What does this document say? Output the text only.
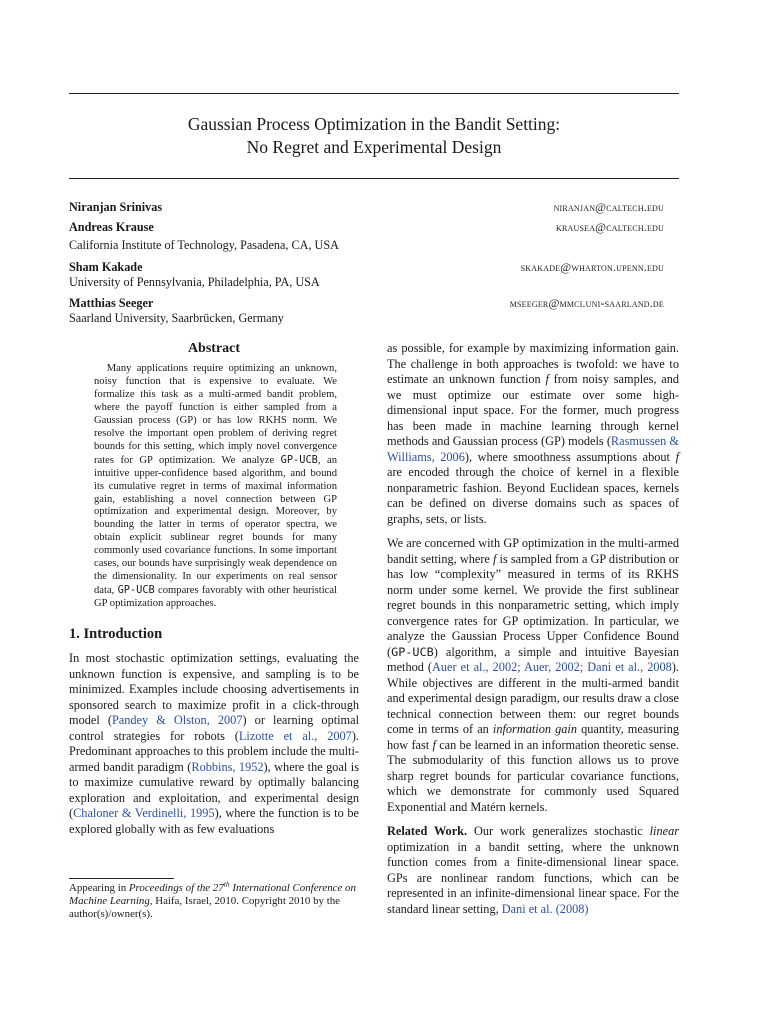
Gaussian Process Optimization in the Bandit Setting:
No Regret and Experimental Design
Niranjan Srinivas	niranjan@caltech.edu
Andreas Krause	krausea@caltech.edu
California Institute of Technology, Pasadena, CA, USA
Sham Kakade	skakade@wharton.upenn.edu
University of Pennsylvania, Philadelphia, PA, USA
Matthias Seeger	mseeger@mmci.uni-saarland.de
Saarland University, Saarbrücken, Germany
Abstract

Many applications require optimizing an unknown, noisy function that is expensive to evaluate. We formalize this task as a multi-armed bandit problem, where the payoff function is either sampled from a Gaussian process (GP) or has low RKHS norm. We resolve the important open problem of deriving regret bounds for this setting, which imply novel convergence rates for GP optimization. We analyze GP-UCB, an intuitive upper-confidence based algorithm, and bound its cumulative regret in terms of maximal information gain, establishing a novel connection between GP optimization and experimental design. Moreover, by bounding the latter in terms of operator spectra, we obtain explicit sublinear regret bounds for many commonly used covariance functions. In some important cases, our bounds have surprisingly weak dependence on the dimensionality. In our experiments on real sensor data, GP-UCB compares favorably with other heuristical GP optimization approaches.

1. Introduction

In most stochastic optimization settings, evaluating the unknown function is expensive, and sampling is to be minimized. Examples include choosing advertisements in sponsored search to maximize profit in a click-through model (Pandey & Olston, 2007) or learning optimal control strategies for robots (Lizotte et al., 2007). Predominant approaches to this problem include the multi-armed bandit paradigm (Robbins, 1952), where the goal is to maximize cumulative reward by optimally balancing exploration and exploitation, and experimental design (Chaloner & Verdinelli, 1995), where the function is to be explored globally with as few evaluations

as possible, for example by maximizing information gain. The challenge in both approaches is twofold: we have to estimate an unknown function f from noisy samples, and we must optimize our estimate over some high-dimensional input space. For the former, much progress has been made in machine learning through kernel methods and Gaussian process (GP) models (Rasmussen & Williams, 2006), where smoothness assumptions about f are encoded through the choice of kernel in a flexible nonparametric fashion. Beyond Euclidean spaces, kernels can be defined on diverse domains such as spaces of graphs, sets, or lists.

We are concerned with GP optimization in the multi-armed bandit setting, where f is sampled from a GP distribution or has low “complexity” measured in terms of its RKHS norm under some kernel. We provide the first sublinear regret bounds in this nonparametric setting, which imply convergence rates for GP optimization. In particular, we analyze the Gaussian Process Upper Confidence Bound (GP-UCB) algorithm, a simple and intuitive Bayesian method (Auer et al., 2002; Auer, 2002; Dani et al., 2008). While objectives are different in the multi-armed bandit and experimental design paradigm, our results draw a close technical connection between them: our regret bounds come in terms of an information gain quantity, measuring how fast f can be learned in an information theoretic sense. The submodularity of this function allows us to prove sharp regret bounds for particular covariance functions, which we demonstrate for commonly used Squared Exponential and Matérn kernels.

Related Work. Our work generalizes stochastic linear optimization in a bandit setting, where the unknown function comes from a finite-dimensional linear space. GPs are nonlinear random functions, which can be represented in an infinite-dimensional linear space. For the standard linear setting, Dani et al. (2008)

Appearing in Proceedings of the 27th International Conference on Machine Learning, Haifa, Israel, 2010. Copyright 2010 by the author(s)/owner(s).
